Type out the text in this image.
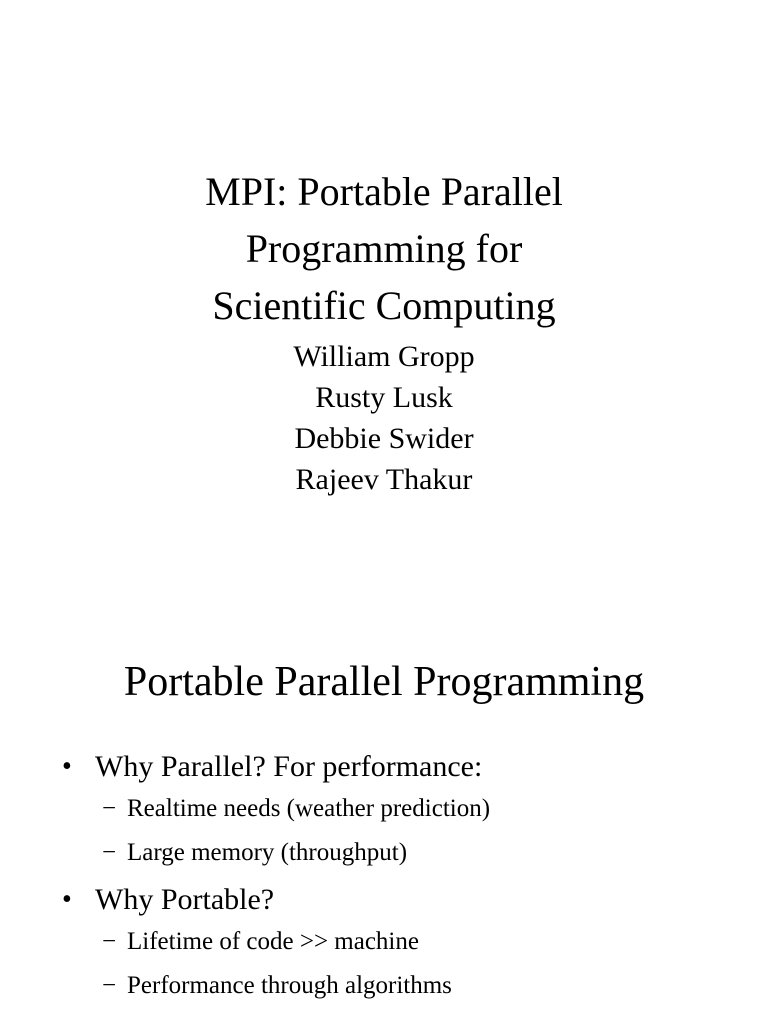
MPI: Portable Parallel
Programming for
Scientific Computing
William Gropp
Rusty Lusk
Debbie Swider
Rajeev Thakur
Portable Parallel Programming
• Why Parallel? For performance:
− Realtime needs (weather prediction)
− Large memory (throughput)
• Why Portable?
− Lifetime of code >> machine
− Performance through algorithms
